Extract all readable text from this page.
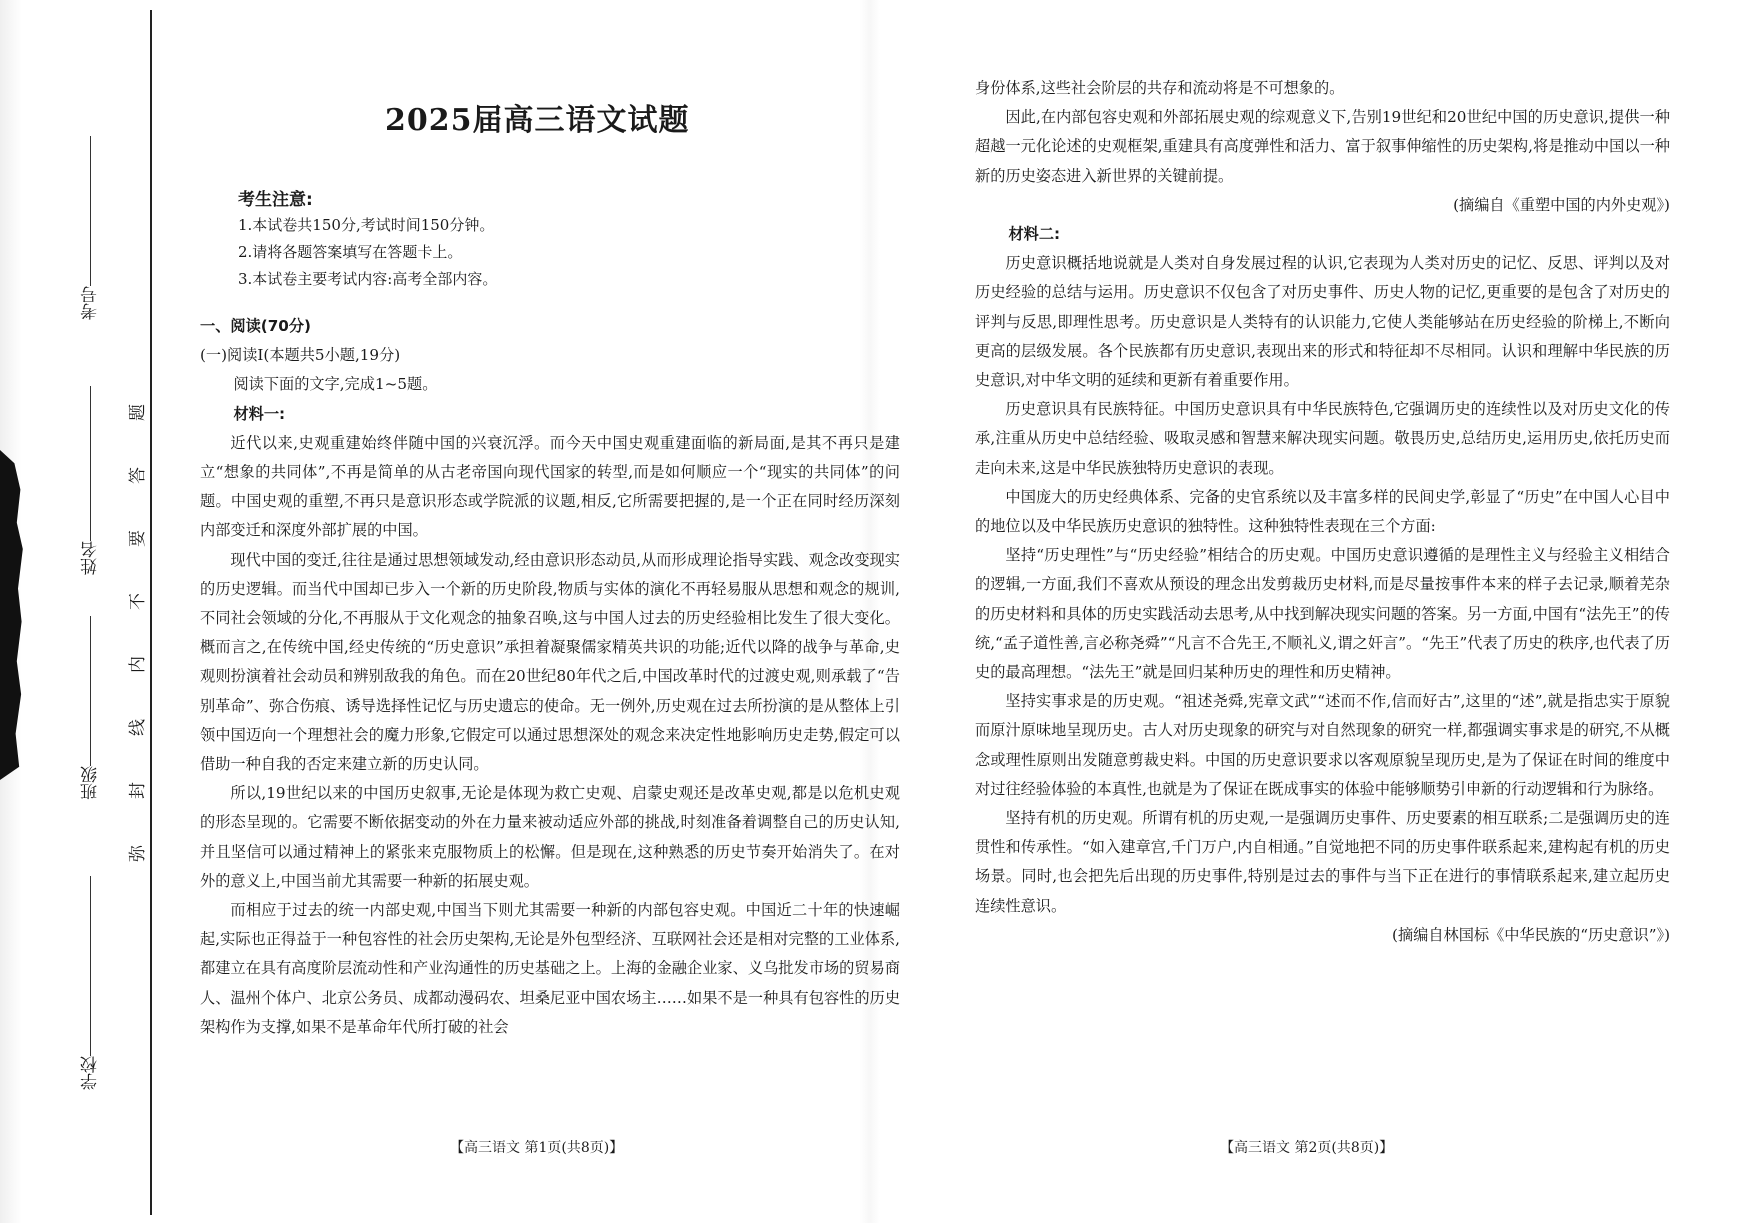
考号
姓名
班级
学校
题
答
要
不
内
线
封
弥
2025届高三语文试题
考生注意:
1.本试卷共150分,考试时间150分钟。
2.请将各题答案填写在答题卡上。
3.本试卷主要考试内容:高考全部内容。

一、阅读(70分)

(一)阅读Ⅰ(本题共5小题,19分)

阅读下面的文字,完成1~5题。

材料一:

近代以来,史观重建始终伴随中国的兴衰沉浮。而今天中国史观重建面临的新局面,是其不再只是建立“想象的共同体”,不再是简单的从古老帝国向现代国家的转型,而是如何顺应一个“现实的共同体”的问题。中国史观的重塑,不再只是意识形态或学院派的议题,相反,它所需要把握的,是一个正在同时经历深刻内部变迁和深度外部扩展的中国。

现代中国的变迁,往往是通过思想领域发动,经由意识形态动员,从而形成理论指导实践、观念改变现实的历史逻辑。而当代中国却已步入一个新的历史阶段,物质与实体的演化不再轻易服从思想和观念的规训,不同社会领域的分化,不再服从于文化观念的抽象召唤,这与中国人过去的历史经验相比发生了很大变化。概而言之,在传统中国,经史传统的“历史意识”承担着凝聚儒家精英共识的功能;近代以降的战争与革命,史观则扮演着社会动员和辨别敌我的角色。而在20世纪80年代之后,中国改革时代的过渡史观,则承载了“告别革命”、弥合伤痕、诱导选择性记忆与历史遗忘的使命。无一例外,历史观在过去所扮演的是从整体上引领中国迈向一个理想社会的魔力形象,它假定可以通过思想深处的观念来决定性地影响历史走势,假定可以借助一种自我的否定来建立新的历史认同。

所以,19世纪以来的中国历史叙事,无论是体现为救亡史观、启蒙史观还是改革史观,都是以危机史观的形态呈现的。它需要不断依据变动的外在力量来被动适应外部的挑战,时刻准备着调整自己的历史认知,并且坚信可以通过精神上的紧张来克服物质上的松懈。但是现在,这种熟悉的历史节奏开始消失了。在对外的意义上,中国当前尤其需要一种新的拓展史观。

而相应于过去的统一内部史观,中国当下则尤其需要一种新的内部包容史观。中国近二十年的快速崛起,实际也正得益于一种包容性的社会历史架构,无论是外包型经济、互联网社会还是相对完整的工业体系,都建立在具有高度阶层流动性和产业沟通性的历史基础之上。上海的金融企业家、义乌批发市场的贸易商人、温州个体户、北京公务员、成都动漫码农、坦桑尼亚中国农场主……如果不是一种具有包容性的历史架构作为支撑,如果不是革命年代所打破的社会

【高三语文 第1页(共8页)】

身份体系,这些社会阶层的共存和流动将是不可想象的。

因此,在内部包容史观和外部拓展史观的综观意义下,告别19世纪和20世纪中国的历史意识,提供一种超越一元化论述的史观框架,重建具有高度弹性和活力、富于叙事伸缩性的历史架构,将是推动中国以一种新的历史姿态进入新世界的关键前提。

(摘编自《重塑中国的内外史观》)

材料二:

历史意识概括地说就是人类对自身发展过程的认识,它表现为人类对历史的记忆、反思、评判以及对历史经验的总结与运用。历史意识不仅包含了对历史事件、历史人物的记忆,更重要的是包含了对历史的评判与反思,即理性思考。历史意识是人类特有的认识能力,它使人类能够站在历史经验的阶梯上,不断向更高的层级发展。各个民族都有历史意识,表现出来的形式和特征却不尽相同。认识和理解中华民族的历史意识,对中华文明的延续和更新有着重要作用。

历史意识具有民族特征。中国历史意识具有中华民族特色,它强调历史的连续性以及对历史文化的传承,注重从历史中总结经验、吸取灵感和智慧来解决现实问题。敬畏历史,总结历史,运用历史,依托历史而走向未来,这是中华民族独特历史意识的表现。

中国庞大的历史经典体系、完备的史官系统以及丰富多样的民间史学,彰显了“历史”在中国人心目中的地位以及中华民族历史意识的独特性。这种独特性表现在三个方面:

坚持“历史理性”与“历史经验”相结合的历史观。中国历史意识遵循的是理性主义与经验主义相结合的逻辑,一方面,我们不喜欢从预设的理念出发剪裁历史材料,而是尽量按事件本来的样子去记录,顺着芜杂的历史材料和具体的历史实践活动去思考,从中找到解决现实问题的答案。另一方面,中国有“法先王”的传统,“孟子道性善,言必称尧舜”“凡言不合先王,不顺礼义,谓之奸言”。“先王”代表了历史的秩序,也代表了历史的最高理想。“法先王”就是回归某种历史的理性和历史精神。

坚持实事求是的历史观。“祖述尧舜,宪章文武”“述而不作,信而好古”,这里的“述”,就是指忠实于原貌而原汁原味地呈现历史。古人对历史现象的研究与对自然现象的研究一样,都强调实事求是的研究,不从概念或理性原则出发随意剪裁史料。中国的历史意识要求以客观原貌呈现历史,是为了保证在时间的维度中对过往经验体验的本真性,也就是为了保证在既成事实的体验中能够顺势引申新的行动逻辑和行为脉络。

坚持有机的历史观。所谓有机的历史观,一是强调历史事件、历史要素的相互联系;二是强调历史的连贯性和传承性。“如入建章宫,千门万户,内自相通。”自觉地把不同的历史事件联系起来,建构起有机的历史场景。同时,也会把先后出现的历史事件,特别是过去的事件与当下正在进行的事情联系起来,建立起历史连续性意识。

(摘编自林国标《中华民族的“历史意识”》)

【高三语文 第2页(共8页)】
